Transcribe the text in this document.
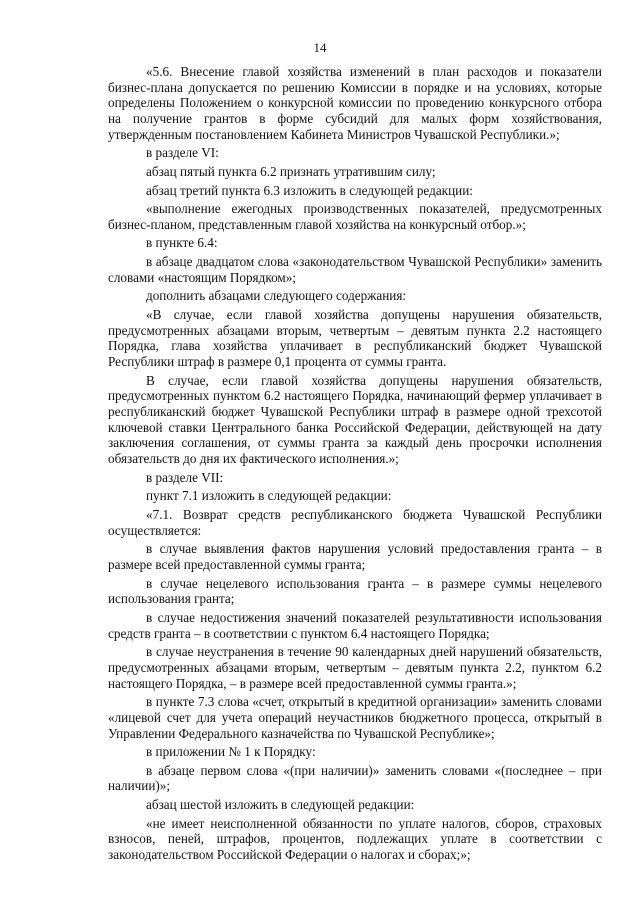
14

«5.6. Внесение главой хозяйства изменений в план расходов и показатели бизнес-плана допускается по решению Комиссии в порядке и на условиях, которые определены Положением о конкурсной комиссии по проведению конкурсного отбора на получение грантов в форме субсидий для малых форм хозяйствования, утвержденным постановлением Кабинета Министров Чувашской Республики.»;

в разделе VI:

абзац пятый пункта 6.2 признать утратившим силу;

абзац третий пункта 6.3 изложить в следующей редакции:

«выполнение ежегодных производственных показателей, предусмотренных бизнес-планом, представленным главой хозяйства на конкурсный отбор.»;

в пункте 6.4:

в абзаце двадцатом слова «законодательством Чувашской Республики» заменить словами «настоящим Порядком»;

дополнить абзацами следующего содержания:

«В случае, если главой хозяйства допущены нарушения обязательств, предусмотренных абзацами вторым, четвертым – девятым пункта 2.2 настоящего Порядка, глава хозяйства уплачивает в республиканский бюджет Чувашской Республики штраф в размере 0,1 процента от суммы гранта.

В случае, если главой хозяйства допущены нарушения обязательств, предусмотренных пунктом 6.2 настоящего Порядка, начинающий фермер уплачивает в республиканский бюджет Чувашской Республики штраф в размере одной трехсотой ключевой ставки Центрального банка Российской Федерации, действующей на дату заключения соглашения, от суммы гранта за каждый день просрочки исполнения обязательств до дня их фактического исполнения.»;

в разделе VII:

пункт 7.1 изложить в следующей редакции:

«7.1. Возврат средств республиканского бюджета Чувашской Республики осуществляется:

в случае выявления фактов нарушения условий предоставления гранта – в размере всей предоставленной суммы гранта;

в случае нецелевого использования гранта – в размере суммы нецелевого использования гранта;

в случае недостижения значений показателей результативности использования средств гранта – в соответствии с пунктом 6.4 настоящего Порядка;

в случае неустранения в течение 90 календарных дней нарушений обязательств, предусмотренных абзацами вторым, четвертым – девятым пункта 2.2, пунктом 6.2 настоящего Порядка, – в размере всей предоставленной суммы гранта.»;

в пункте 7.3 слова «счет, открытый в кредитной организации» заменить словами «лицевой счет для учета операций неучастников бюджетного процесса, открытый в Управлении Федерального казначейства по Чувашской Республике»;

в приложении № 1 к Порядку:

в абзаце первом слова «(при наличии)» заменить словами «(последнее – при наличии)»;

абзац шестой изложить в следующей редакции:

«не имеет неисполненной обязанности по уплате налогов, сборов, страховых взносов, пеней, штрафов, процентов, подлежащих уплате в соответствии с законодательством Российской Федерации о налогах и сборах;»;
